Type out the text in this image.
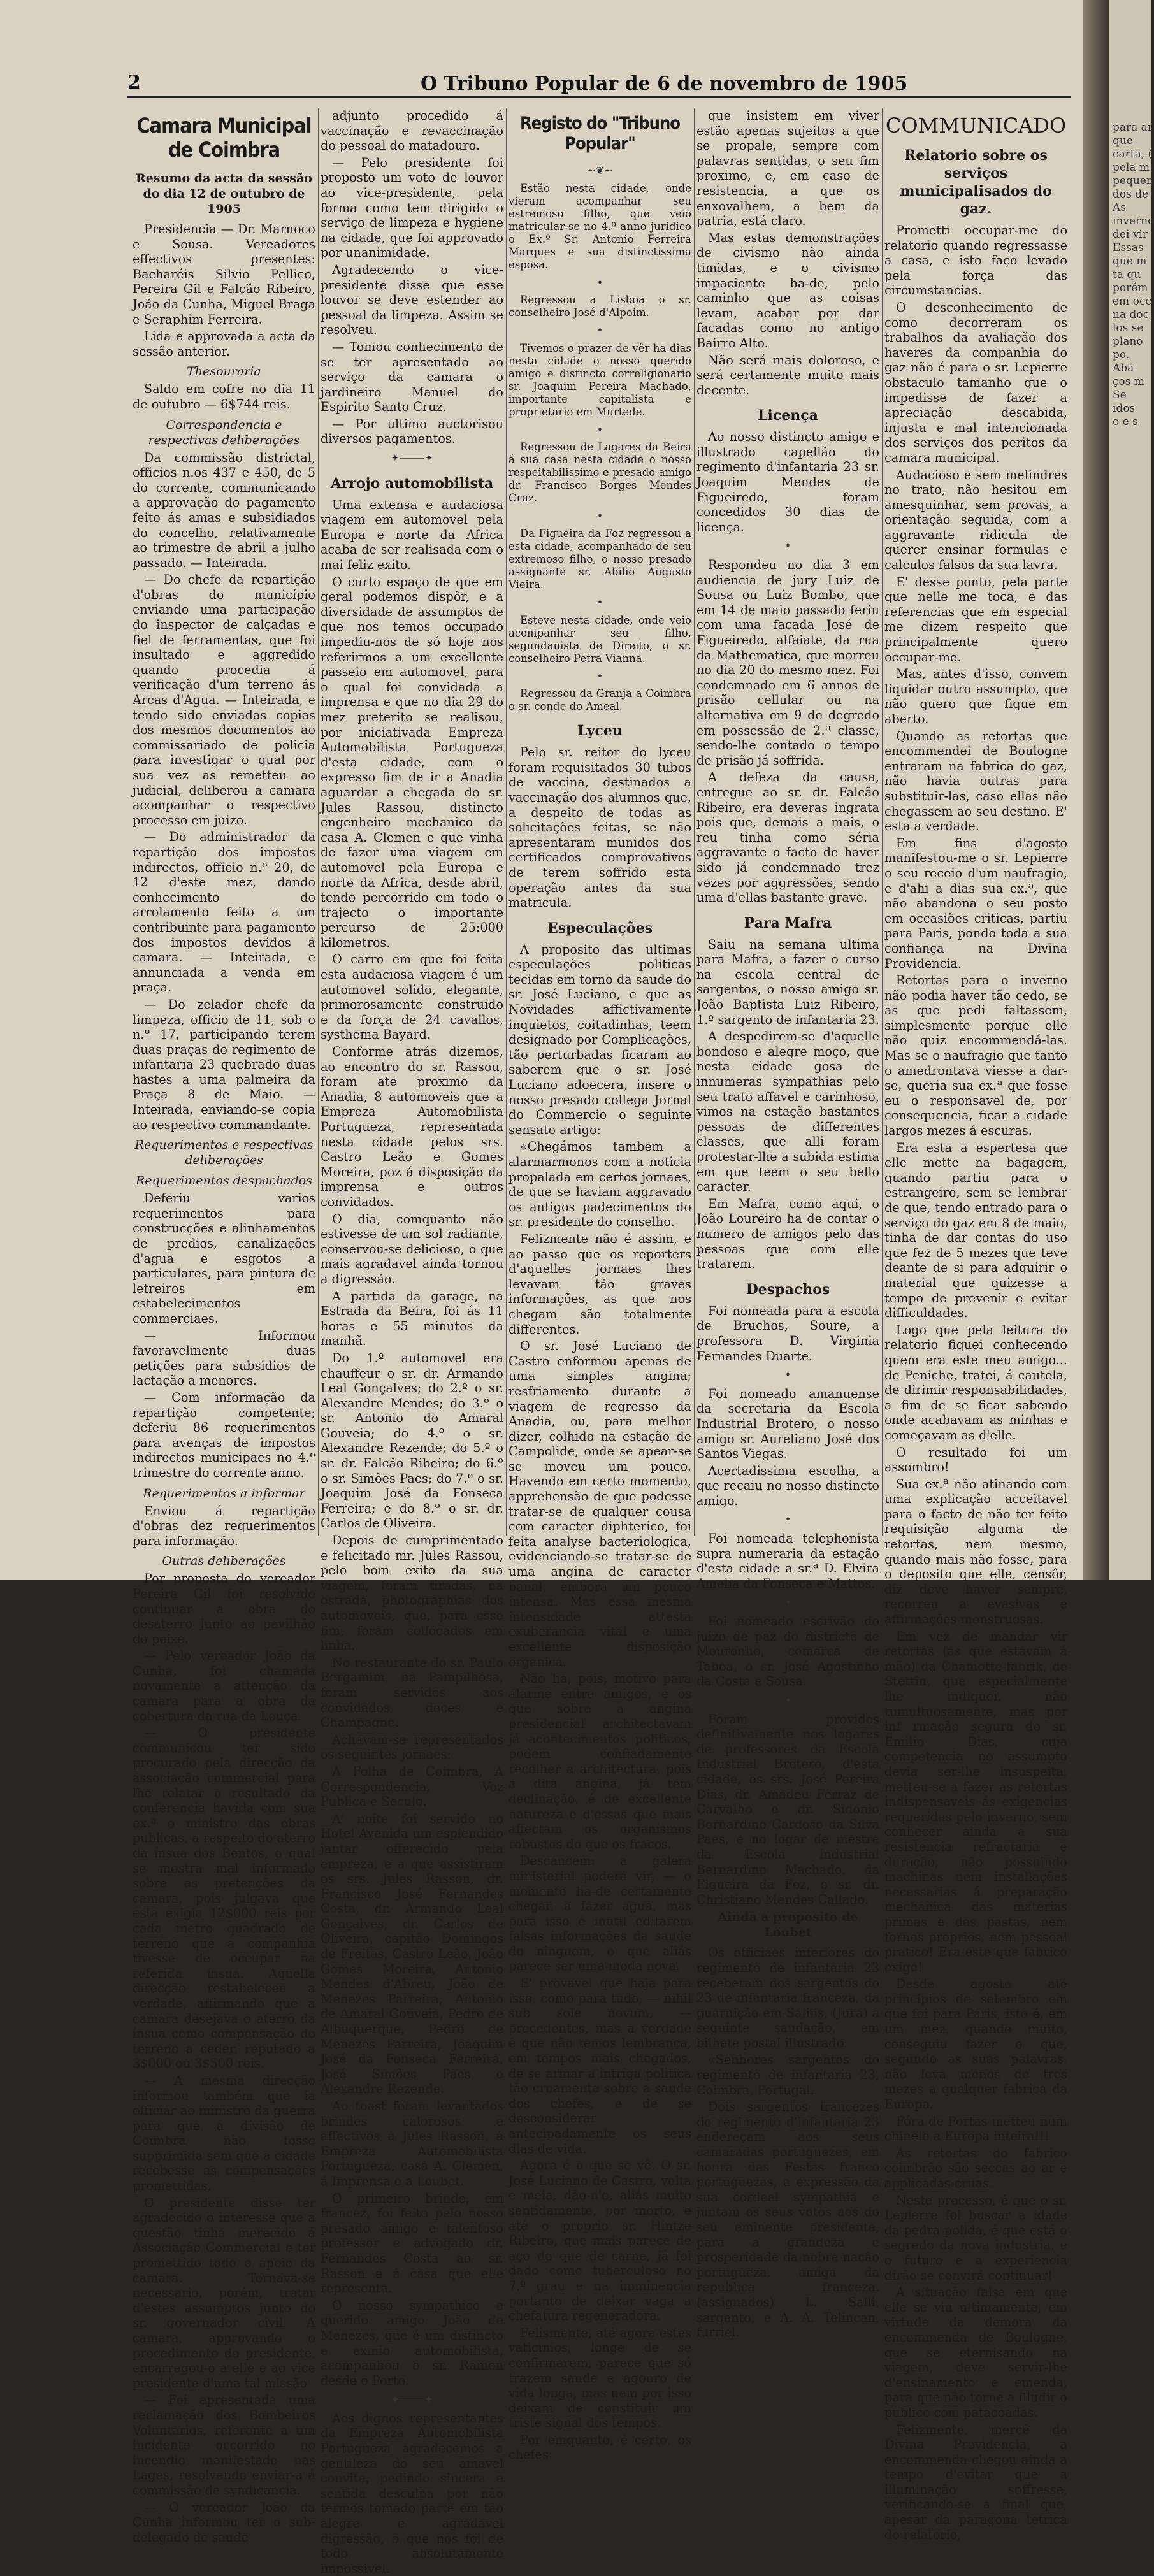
2	O Tribuno Popular de 6 de novembro de 1905
Camara Municipal de Coimbra
Resumo da acta da sessão do dia 12 de outubro de 1905

Presidencia — Dr. Marnoco e Sousa. Vereadores effectivos presentes: Bacharéis Silvio Pellico, Pereira Gil e Falcão Ribeiro, João da Cunha, Miguel Braga e Seraphim Ferreira.

Lida e approvada a acta da sessão anterior.

Thesouraria

Saldo em cofre no dia 11 de outubro — 6$744 reis.

Correspondencia e respectivas deliberações

Da commissão districtal, officios n.os 437 e 450, de 5 do corrente, communicando a approvação do pagamento feito ás amas e subsidiados do concelho, relativamente ao trimestre de abril a julho passado. — Inteirada.

— Do chefe da repartição d'obras do município enviando uma participação do inspector de calçadas e fiel de ferramentas, que foi insultado e aggredido quando procedia á verificação d'um terreno ás Arcas d'Agua. — Inteirada, e tendo sido enviadas copias dos mesmos documentos ao commissariado de policia para investigar o qual por sua vez as remetteu ao judicial, deliberou a camara acompanhar o respectivo processo em juizo.

— Do administrador da repartição dos impostos indirectos, officio n.º 20, de 12 d'este mez, dando conhecimento do arrolamento feito a um contribuinte para pagamento dos impostos devidos á camara. — Inteirada, e annunciada a venda em praça.

— Do zelador chefe da limpeza, officio de 11, sob o n.º 17, participando terem duas praças do regimento de infantaria 23 quebrado duas hastes a uma palmeira da Praça 8 de Maio. — Inteirada, enviando-se copia ao respectivo commandante.

Requerimentos e respectivas deliberações
Requerimentos despachados

Deferiu varios requerimentos para construcções e alinhamentos de predios, canalizações d'agua e esgotos a particulares, para pintura de letreiros em estabelecimentos commerciaes.

— Informou favoravelmente duas petições para subsidios de lactação a menores.

— Com informação da repartição competente; deferiu 86 requerimentos para avenças de impostos indirectos municipaes no 4.º trimestre do corrente anno.

Requerimentos a informar

Enviou á repartição d'obras dez requerimentos para informação.

Outras deliberações

Por proposta do vereador Pereira Gil foi resolvido continuar a obra do desaterro junto ao pavilhão do peixe.

— Pelo vereador João da Cunha, foi chamada novamente a attenção da camara para a obra da cobertura da rua da Louça.

— O presidente communicou ter sido procurado pela direcção da associação commercial para lhe relatar o resultado da conferencia havida com sua ex.ª o ministro das obras publicas, a respeito do aterro da ínsua dos Bentos, o qual se mostra mal informado sobre as pretenções da camara, pois julgava que esta exigia 12$000 reis por cada metro quadrado de terreno que a companhia tivesse de occupar na referida ínsua. Aquella direcção restabeleceu a verdade, affirmando que a camara desejava o aterro da ínsua como compensação do terreno a ceder, reputado a 3$000 ou 3$500 reis.

— A mesma direcção informou também que ia officiar ao ministro da guerra para que a divisão de Coimbra não fosse supprimida sem que a cidade recebesse as compensações promettidas.

O presidente disse ter agradecido o interesse que a questão tinha merecido á Associação Commercial e ter promettido todo o apoio da camara. Tornava-se necessario, porém, tratar d'estes assumptos junto do sr. governador civil. A camara, approvando o procedimento do presidente, encarregou-o a elle e ao vice presidente d'uma tal missão

— Foi apresentada uma reclamação dos Bombeiros Voluntarios, referente a um incidente occorrido no incendio manifestado nas Lages, resolvendo enviar-a á commissão de syndicancia.

— O vereador João da Cunha informou ter o sub-delegado de saude

adjunto procedido á vaccinação e revaccinação do pessoal do matadouro.

— Pelo presidente foi proposto um voto de louvor ao vice-presidente, pela forma como tem dirigido o serviço de limpeza e hygiene na cidade, que foi approvado por unanimidade.

Agradecendo o vice-presidente disse que esse louvor se deve estender ao pessoal da limpeza. Assim se resolveu.

— Tomou conhecimento de se ter apresentado ao serviço da camara o jardineiro Manuel do Espirito Santo Cruz.

— Por ultimo auctorisou diversos pagamentos.

✦⸻✦
Arrojo automobilista

Uma extensa e audaciosa viagem em automovel pela Europa e norte da Africa acaba de ser realisada com o mai feliz exito.

O curto espaço de que em geral podemos dispôr, e a diversidade de assumptos de que nos temos occupado impediu-nos de só hoje nos referirmos a um excellente passeio em automovel, para o qual foi convidada a imprensa e que no dia 29 do mez preterito se realisou, por iniciativada Empreza Automobilista Portugueza d'esta cidade, com o expresso fim de ir a Anadia aguardar a chegada do sr. Jules Rassou, distincto engenheiro mechanico da casa A. Clemen e que vinha de fazer uma viagem em automovel pela Europa e norte da Africa, desde abril, tendo percorrido em todo o trajecto o importante percurso de 25:000 kilometros.

O carro em que foi feita esta audaciosa viagem é um automovel solido, elegante, primorosamente construido e da força de 24 cavallos, systhema Bayard.

Conforme atrás dizemos, ao encontro do sr. Rassou, foram até proximo da Anadia, 8 automoveis que a Empreza Automobilista Portugueza, representada nesta cidade pelos srs. Castro Leão e Gomes Moreira, poz á disposição da imprensa e outros convidados.

O dia, comquanto não estivesse de um sol radiante, conservou-se delicioso, o que mais agradavel ainda tornou a digressão.

A partida da garage, na Estrada da Beira, foi ás 11 horas e 55 minutos da manhã.

Do 1.º automovel era chauffeur o sr. dr. Armando Leal Gonçalves; do 2.º o sr. Alexandre Mendes; do 3.º o sr. Antonio do Amaral Gouveia; do 4.º o sr. Alexandre Rezende; do 5.º o sr. dr. Falcão Ribeiro; do 6.º o sr. Simões Paes; do 7.º o sr. Joaquim José da Fonseca Ferreira; e do 8.º o sr. dr. Carlos de Oliveira.

Depois de cumprimentado e felicitado mr. Jules Rassou, pelo bom exito da sua viagem, foram tiradas, na estrada, photographias dos automoveis, que, para esse fim, foram collocados em linha.

No restaurante do sr. Paulo Bergamim, na Pampilhosa, foram servidos aos convidados doces e Champagne.

Achavam-se representados os seguintes jornaes:

A Folha de Coimbra, A Correspondencia, Voz Publica e Seculo.

A' noite foi servido no Hotel Avenida um esplendido jantar offerecido pela empreza, e a que assistiram os srs. Jules Rasson, dr. Francisco José Fernandes Costa, dr. Armando Leal Gonçalves, dr. Carlos de Oliveira, capitão Domingos de Freitas, Castro Leão, João Gomes Moreira, Antonio Mendes d'Abreu, João de Menezes Parreira, Antonio de Amaral Gouveia, Pedro de Albuquerque, Pedro de Menezes Parreira, Joaquim José da Fonseca Ferreira, José Simões Paes e Alexandre Rezende.

Ao toast foram levantados brindes calorosos e affectivos a Jules Rasson, á Empreza Automobilista Portugueza, casa A. Clemen, á Imprensa e a Loubet.

O primeiro brinde, em francez, foi feito pelo nosso presado amigo e talentoso professor e advogado dr. Fernandes Costa ao sr. Rasson e á casa que elle representa.

O nosso sympathico e querido amigo João de Menezes, que é um distincto e exmio automobilista, acompanhou o sr. Ramon desde o Porto.

✦⸻✦

Aos dignos representantes da Empreza Automobilista Portugueza agradecemos a gentileza do seu amavel convite, pedindo sincera e sentida desculpa por não termos tomado parte em tão alegre e agradavel digressão, o que nos foi de todo absolutamente impossivel.

Registo do "Tribuno Popular"
~❦~

Estão nesta cidade, onde vieram acompanhar seu estremoso filho, que veio matricular-se no 4.º anno juridico o Ex.º Sr. Antonio Ferreira Marques e sua distinctissima esposa.

•

Regressou a Lisboa o sr. conselheiro José d'Alpoim.

•

Tivemos o prazer de vêr ha dias nesta cidade o nosso querido amigo e distincto correligionario sr. Joaquim Pereira Machado, importante capitalista e proprietario em Murtede.

•

Regressou de Lagares da Beira á sua casa nesta cidade o nosso respeitabilissimo e presado amigo dr. Francisco Borges Mendes Cruz.

•

Da Figueira da Foz regressou a esta cidade, acompanhado de seu extremoso filho, o nosso presado assignante sr. Abilio Augusto Vieira.

•

Esteve nesta cidade, onde veio acompanhar seu filho, segundanista de Direito, o sr. conselheiro Petra Vianna.

•

Regressou da Granja a Coimbra o sr. conde do Ameal.

Lyceu

Pelo sr. reitor do lyceu foram requisitados 30 tubos de vaccina, destinados a vaccinação dos alumnos que, a despeito de todas as solicitações feitas, se não apresentaram munidos dos certificados comprovativos de terem soffrido esta operação antes da sua matricula.

Especulações

A proposito das ultimas especulações politicas tecidas em torno da saude do sr. José Luciano, e que as Novidades affictivamente inquietos, coitadinhas, teem designado por Complicações, tão perturbadas ficaram ao saberem que o sr. José Luciano adoecera, insere o nosso presado collega Jornal do Commercio o seguinte sensato artigo:

«Chegámos tambem a alarmarmonos com a noticia propalada em certos jornaes, de que se haviam aggravado os antigos padecimentos do sr. presidente do conselho.

Felizmente não é assim, e ao passo que os reporters d'aquelles jornaes lhes levavam tão graves informações, as que nos chegam são totalmente differentes.

O sr. José Luciano de Castro enformou apenas de uma simples angina; resfriamento durante a viagem de regresso da Anadia, ou, para melhor dizer, colhido na estação de Campolide, onde se apear-se se moveu um pouco. Havendo em certo momento, apprehensão de que podesse tratar-se de qualquer cousa com caracter diphterico, foi feita analyse bacteriologica, evidenciando-se tratar-se de uma angina de caracter banal, embora um pouco intensa. Mas essa mesma intensidade attesta exuberancia vital e uma excellente disposição organica.

Não ha, pois, motivo para alarme entre amigos, e os que sobre a angina presidencial architectavam já acontecimentos politicos, podem confiadamente recolher a architectura, pois a dita angina, já tem declinação, é de excellente natureza e d'essas que mais affectam os organismos robustos do que os fracos.

Descancem: a galera ministerial poderá vir, — o momento ha-de certamente chegar, a fazer agua, mas para isso é inutil editarem falsas informações da saude do ninguem, o que aliás parece ser uma moda nova.

E' provavel que haja para isso, como para tudo, — nihil sub sole novum, — precedentes, mas a verdade é que não temos lembrança, em tempos mais chegados, de se armar a intriga politica tão cruamente sobre a saude dos chefes, e de se desconsiderar antecipadamente os seus dias de vida.

Agora é o que se vê. O sr. José Luciano de Castro, volta e meia, dão-n'o, aliás muito sentidamente, por morto, e até o proprio sr. Hintze Ribeiro, que mais parece de aço do que de carne, já foi dado como tuberculoso no 7.º grau e na imminencia portanto de deixar vaga a chefatura regeneradora.

Felismente, até agora estes vaticinios, longe de se confirmarem, parece que só trazem saude e agouro de vida longa, mas nem por isso deixam de constituir um triste signal dos tempos.

Por emquanto, é certo, os chefes

que insistem em viver estão apenas sujeitos a que se propale, sempre com palavras sentidas, o seu fim proximo, e, em caso de resistencia, a que os enxovalhem, a bem da patria, está claro.

Mas estas demonstrações de civismo não ainda timidas, e o civismo impaciente ha-de, pelo caminho que as coisas levam, acabar por dar facadas como no antigo Bairro Alto.

Não será mais doloroso, e será certamente muito mais decente.

Licença

Ao nosso distincto amigo e illustrado capellão do regimento d'infantaria 23 sr. Joaquim Mendes de Figueiredo, foram concedidos 30 dias de licença.

•

Respondeu no dia 3 em audiencia de jury Luiz de Sousa ou Luiz Bombo, que em 14 de maio passado feriu com uma facada José de Figueiredo, alfaiate, da rua da Mathematica, que morreu no dia 20 do mesmo mez. Foi condemnado em 6 annos de prisão cellular ou na alternativa em 9 de degredo em possessão de 2.ª classe, sendo-lhe contado o tempo de prisão já soffrida.

A defeza da causa, entregue ao sr. dr. Falcão Ribeiro, era deveras ingrata pois que, demais a mais, o reu tinha como séria aggravante o facto de haver sido já condemnado trez vezes por aggressões, sendo uma d'ellas bastante grave.

Para Mafra

Saiu na semana ultima para Mafra, a fazer o curso na escola central de sargentos, o nosso amigo sr. João Baptista Luiz Ribeiro, 1.º sargento de infantaria 23.

A despedirem-se d'aquelle bondoso e alegre moço, que nesta cidade gosa de innumeras sympathias pelo seu trato affavel e carinhoso, vimos na estação bastantes pessoas de differentes classes, que alli foram protestar-lhe a subida estima em que teem o seu bello caracter.

Em Mafra, como aqui, o João Loureiro ha de contar o numero de amigos pelo das pessoas que com elle tratarem.

Despachos

Foi nomeada para a escola de Bruchos, Soure, a professora D. Virginia Fernandes Duarte.

•

Foi nomeado amanuense da secretaria da Escola Industrial Brotero, o nosso amigo sr. Aureliano José dos Santos Viegas.

Acertadissima escolha, a que recaiu no nosso distincto amigo.

•

Foi nomeada telephonista supra numeraria da estação d'esta cidade a sr.ª D. Elvira Amelia da Fonseca e Mattos.

•

Foi nomeado escrivão do juizo de paz do districto de Mouronho, comarca de Taboa, o sr. José Agostinho da Costa e Sousa.

•

Foram providos definitivamente nos logares de professores da Escola Industrial Brotero, d'esta cidade, os srs. José Pereira Dias, dr. Amadeu Ferraz de Carvalho e dr. Sidonio Bernardino Cardoso da Silva Paes, e no logar de mestre da Escola Industrial Bernardino Machado, da Figueira da Foz, o sr. dr. Christiano Mendes Callado.

Ainda a proposito de Loubet

Os officiaes inferiores do regimento de infantaria 23 receberam dos sargentos do 23 de infantaria franceza, da guarnição em Salins, (Jura) a seguinte saudação, em bilhete postal illustrado:

«Senhores sargentos do regimento de infantaria 23, Coimbra, Portugal.

Dois sargentos francezes do regimento d'infantaria 23 endereçam aos seus camaradas portuguezes, em honra das Festas franco portuguezas, a expressão da sua cordeal sympathia e juntam os seus votos aos do seu eminente presidente, para a grandeza e prosperidade da nobre nação portugueza, amiga da republica franceza. (assignados) L. Salli, sargento, e A. A. Telincan, furriel.

COMMUNICADO
Relatorio sobre os serviços municipalisados do gaz.

Prometti occupar-me do relatorio quando regressasse a casa, e isto faço levado pela força das circumstancias.

O desconhecimento de como decorreram os trabalhos da avaliação dos haveres da companhia do gaz não é para o sr. Lepierre obstaculo tamanho que o impedisse de fazer a apreciação descabida, injusta e mal intencionada dos serviços dos peritos da camara municipal.

Audacioso e sem melindres no trato, não hesitou em amesquinhar, sem provas, a orientação seguida, com a aggravante ridicula de querer ensinar formulas e calculos falsos da sua lavra.

E' desse ponto, pela parte que nelle me toca, e das referencias que em especial me dizem respeito que principalmente quero occupar-me.

Mas, antes d'isso, convem liquidar outro assumpto, que não quero que fique em aberto.

Quando as retortas que encommendei de Boulogne entraram na fabrica do gaz, não havia outras para substituir-las, caso ellas não chegassem ao seu destino. E' esta a verdade.

Em fins d'agosto manifestou-me o sr. Lepierre o seu receio d'um naufragio, e d'ahi a dias sua ex.ª, que não abandona o seu posto em occasiões criticas, partiu para Paris, pondo toda a sua confiança na Divina Providencia.

Retortas para o inverno não podia haver tão cedo, se as que pedi faltassem, simplesmente porque elle não quiz encommendá-las. Mas se o naufragio que tanto o amedrontava viesse a dar-se, queria sua ex.ª que fosse eu o responsavel de, por consequencia, ficar a cidade largos mezes á escuras.

Era esta a espertesa que elle mette na bagagem, quando partiu para o estrangeiro, sem se lembrar de que, tendo entrado para o serviço do gaz em 8 de maio, tinha de dar contas do uso que fez de 5 mezes que teve deante de si para adquirir o material que quizesse a tempo de prevenir e evitar difficuldades.

Logo que pela leitura do relatorio fiquei conhecendo quem era este meu amigo... de Peniche, tratei, á cautela, de dirimir responsabilidades, a fim de se ficar sabendo onde acabavam as minhas e começavam as d'elle.

O resultado foi um assombro!

Sua ex.ª não atinando com uma explicação acceitavel para o facto de não ter feito requisição alguma de retortas, nem mesmo, quando mais não fosse, para o deposito que elle, censôr, diz deve haver sempre, recorreu a evasivas e affirmações monstruosas.

Em vez de mandar vir retortas (as que estavam á mão) da Chamotte-fabrik, de Stettin, que especialmente lhe indiquei, não tumultuosamente, mas por inf rmação segura do sr. Emilio Dias, cuja competencia no assumpto devia ser-lhe insuspeita, metteu-se a fazer as retortas indispensaveis ás exigencias requeridas pelo inverno, sem conhecer ainda a sua resistencia refractaria e duração, não possuindo machinas nem installações necessarias á preparação mechanica das materias primas e das pastas, nem fornos proprios, nem pessoal pratico! Era este que fabrico exige!

Desde agosto até principios de setembro em que foi para Paris, isto é, em um mez, quando muito, conseguiu fazer o que, segundo as suas palavras, não leva menos de tres mezes a qualquer fabrica da Europa.

Fóra de Portas metteu num chinelo a Europa inteira!!!

As retortas do fabrico coimbrão são seccas ao ar e applicadas cruas.

Neste processo, é que o sr. Lepierre foi buscar a idade da pedra polida, é que está o segredo da nova industria, e o futuro e a experiencia dirão se convirá continuar!

A situação falsa em que elle se viu ultimamente, em virtude da demora da encommenda de Boulogne, que se eternisando na viagem, deve servir-lhe d'ensinamento e emenda, para que não torne a illudir o publico com patacoadas.

Felizmente, mercê da Divina Providencia, a encommenda chegou ainda a tempo d'evitar que a illuminação soffresse, verificando-se a final que, apesar da paragona tetrica do relatorio,

para ar
que
carta, (
pela m
pequen
dos de
As
inverno
dei vir
Essas
que m
ta qu
porém
em occ
na doc
los se
plano
po.
Aba
ços m
Se
idos
o e s
